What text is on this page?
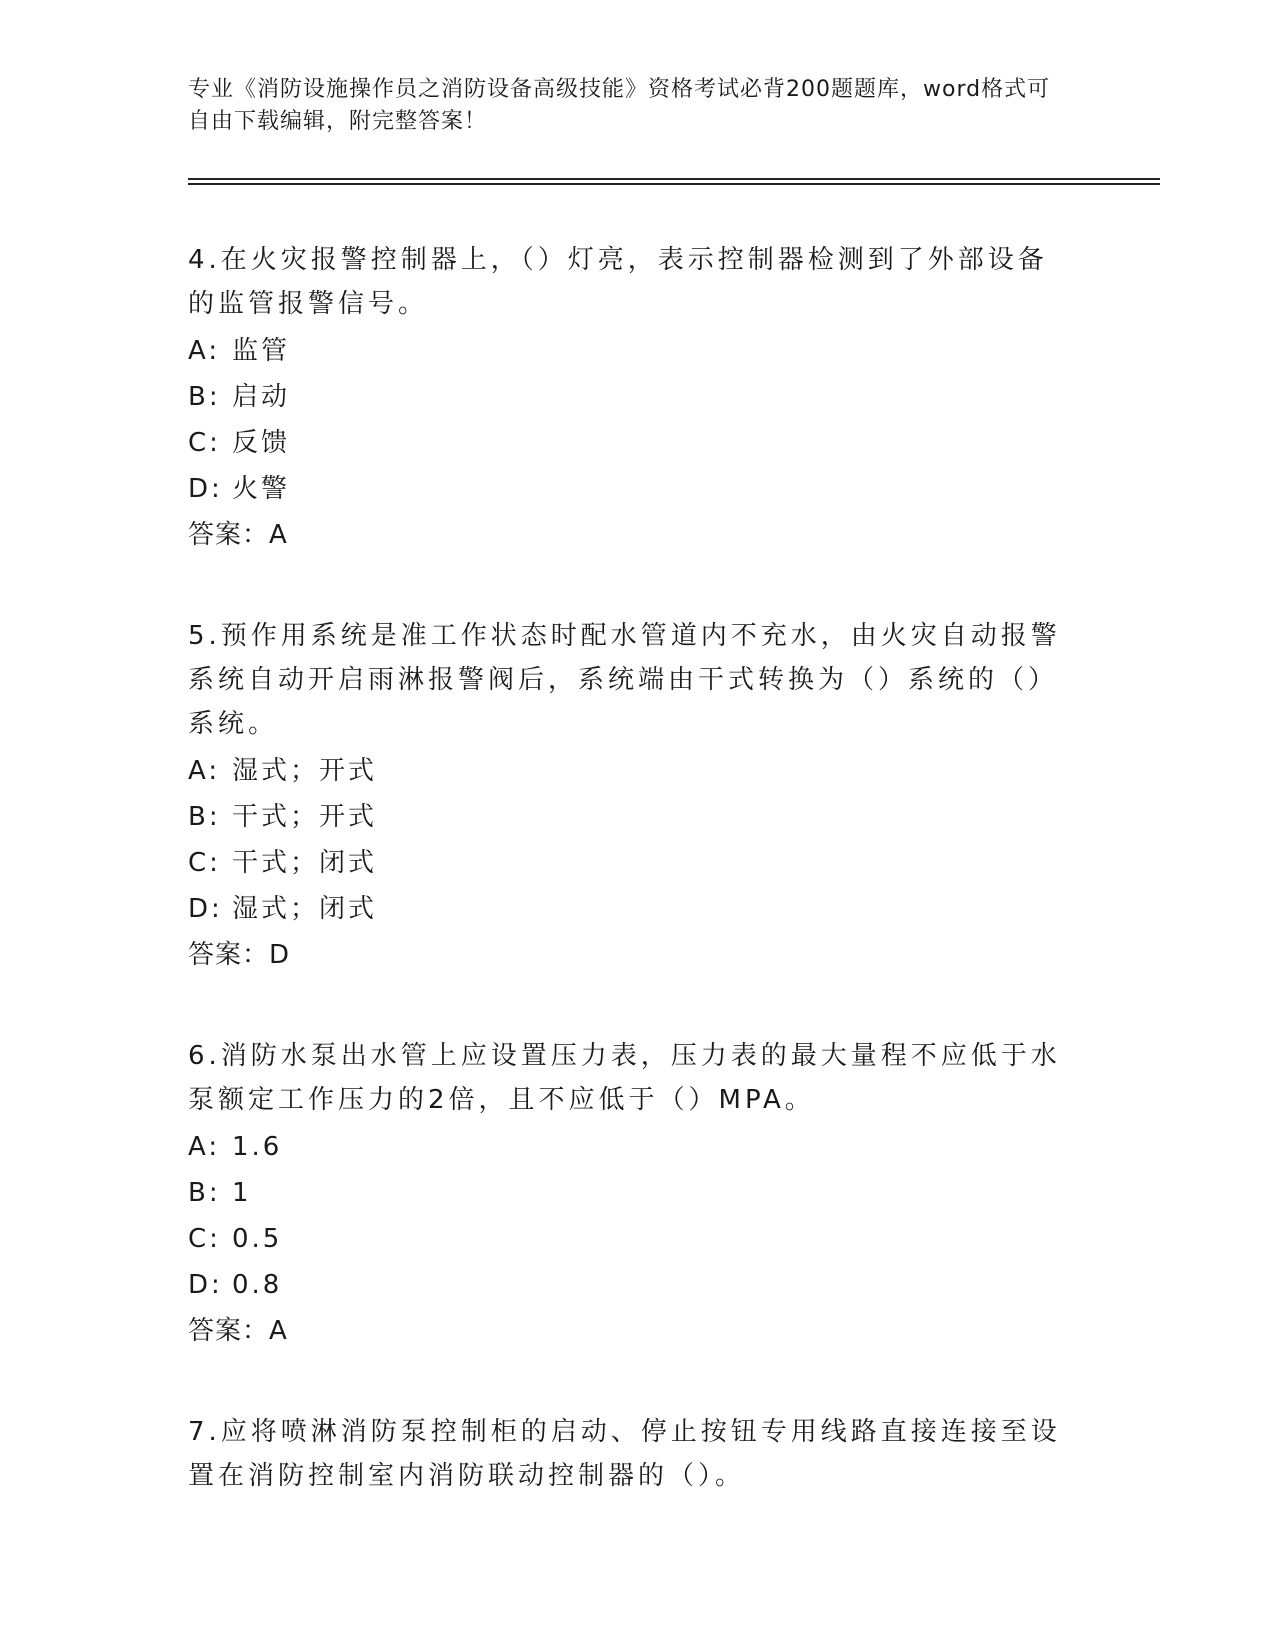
专业《消防设施操作员之消防设备高级技能》资格考试必背200题题库，word格式可自由下载编辑，附完整答案！

4.在火灾报警控制器上，（）灯亮，表示控制器检测到了外部设备的监管报警信号。

A: 监管
B: 启动
C: 反馈
D: 火警
答案：A

5.预作用系统是准工作状态时配水管道内不充水，由火灾自动报警系统自动开启雨淋报警阀后，系统端由干式转换为（）系统的（）系统。

A: 湿式；开式
B: 干式；开式
C: 干式；闭式
D: 湿式；闭式
答案：D

6.消防水泵出水管上应设置压力表，压力表的最大量程不应低于水泵额定工作压力的2倍，且不应低于（）MPA。

A: 1.6
B: 1
C: 0.5
D: 0.8
答案：A

7.应将喷淋消防泵控制柜的启动、停止按钮专用线路直接连接至设置在消防控制室内消防联动控制器的（）。
